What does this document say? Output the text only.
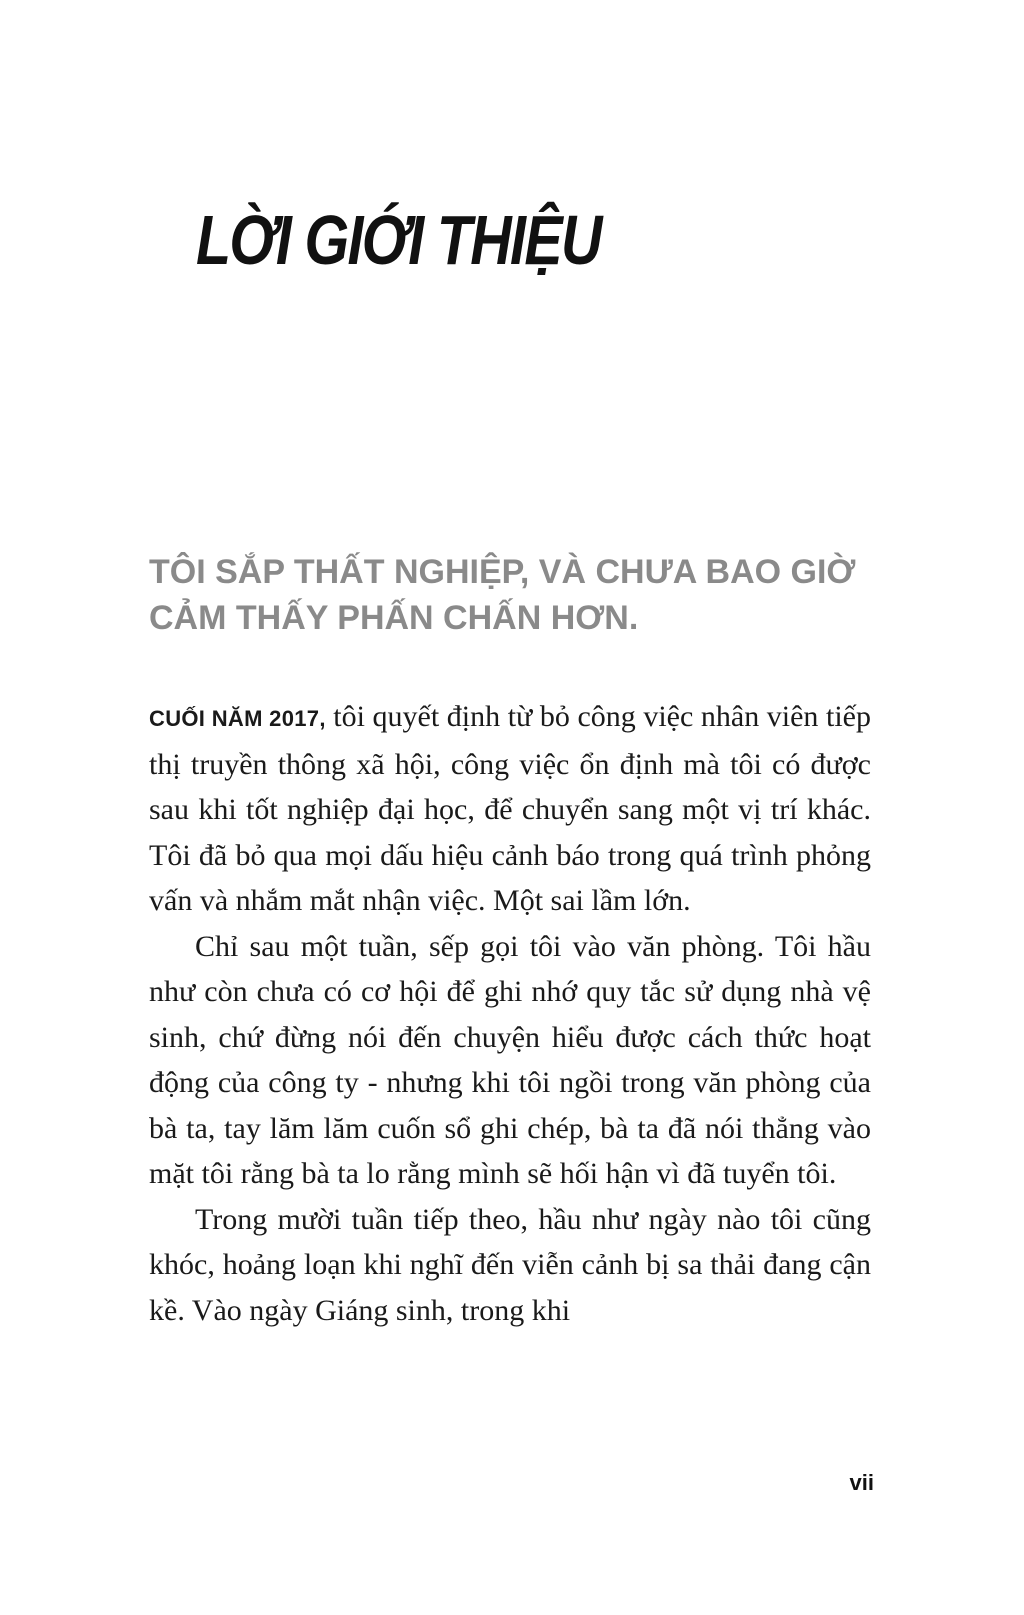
LỜI GIỚI THIỆU
TÔI SẮP THẤT NGHIỆP, VÀ CHƯA BAO GIỜ
CẢM THẤY PHẤN CHẤN HƠN.

CUỐI NĂM 2017, tôi quyết định từ bỏ công việc nhân viên tiếp thị truyền thông xã hội, công việc ổn định mà tôi có được sau khi tốt nghiệp đại học, để chuyển sang một vị trí khác. Tôi đã bỏ qua mọi dấu hiệu cảnh báo trong quá trình phỏng vấn và nhắm mắt nhận việc. Một sai lầm lớn.

Chỉ sau một tuần, sếp gọi tôi vào văn phòng. Tôi hầu như còn chưa có cơ hội để ghi nhớ quy tắc sử dụng nhà vệ sinh, chứ đừng nói đến chuyện hiểu được cách thức hoạt động của công ty - nhưng khi tôi ngồi trong văn phòng của bà ta, tay lăm lăm cuốn sổ ghi chép, bà ta đã nói thẳng vào mặt tôi rằng bà ta lo rằng mình sẽ hối hận vì đã tuyển tôi.

Trong mười tuần tiếp theo, hầu như ngày nào tôi cũng khóc, hoảng loạn khi nghĩ đến viễn cảnh bị sa thải đang cận kề. Vào ngày Giáng sinh, trong khi

vii
